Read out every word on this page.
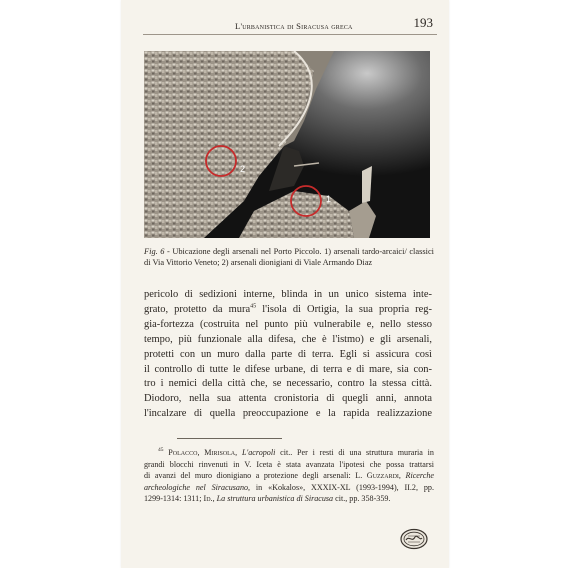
L'urbanistica di Siracusa greca	193
2
1

Fig. 6 - Ubicazione degli arsenali nel Porto Piccolo. 1) arsenali tardo-arcaici/ classici di Via Vittorio Veneto; 2) arsenali dionigiani di Viale Armando Diaz

pericolo di sedizioni interne, blinda in un unico sistema inte-
grato, protetto da mura$^{45}$ l'isola di Ortigia, la sua propria reg-
gia-fortezza (costruita nel punto più vulnerabile e, nello stesso
tempo, più funzionale alla difesa, che è l'istmo) e gli arsenali,
protetti con un muro dalla parte di terra. Egli si assicura così
il controllo di tutte le difese urbane, di terra e di mare, sia con-
tro i nemici della città che, se necessario, contro la stessa città.
Diodoro, nella sua attenta cronistoria di quegli anni, annota
l'incalzare di quella preoccupazione e la rapida realizzazione
$^{45}$ Polacco, Mirisola, L'acropoli cit.. Per i resti di una struttura muraria in
grandi blocchi rinvenuti in V. Iceta è stata avanzata l'ipotesi che possa trattarsi
di avanzi del muro dionigiano a protezione degli arsenali: L. Guzzardi, Ricerche
archeologiche nel Siracusano, in «Kokalos», XXXIX-XL (1993-1994), II.2, pp.
1299-1314: 1311; Id., La struttura urbanistica di Siracusa cit., pp. 358-359.
